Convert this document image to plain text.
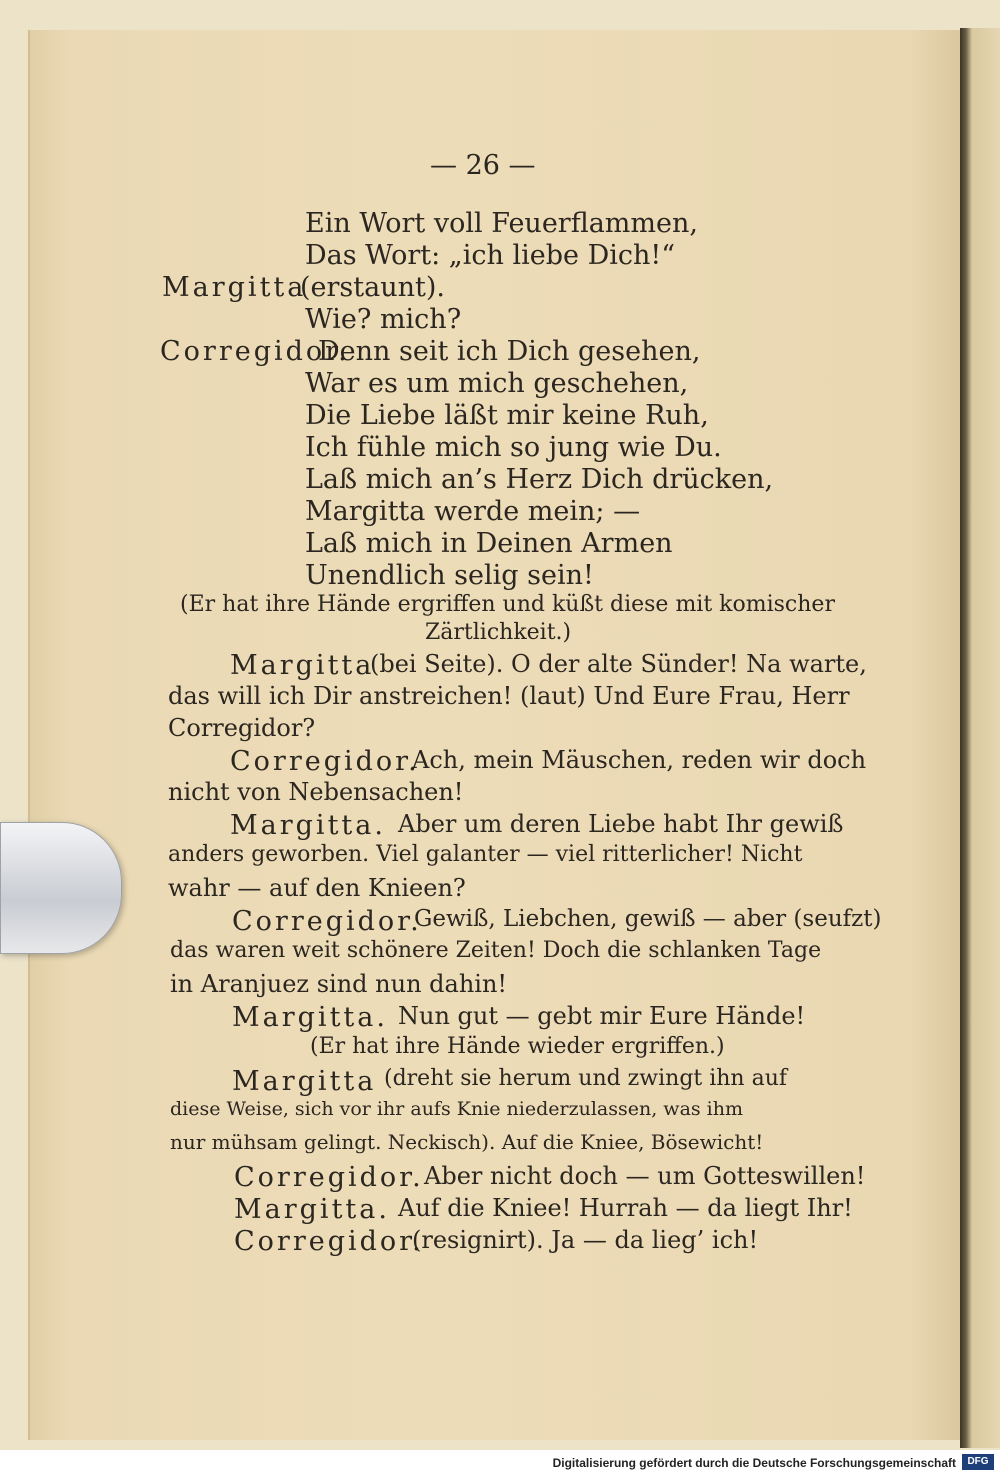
— 26 —
Ein Wort voll Feuerflammen,
Das Wort: „ich liebe Dich!“
Margitta
(erstaunt).
Wie? mich?
Corregidor.
Denn seit ich Dich gesehen,
War es um mich geschehen,
Die Liebe läßt mir keine Ruh,
Ich fühle mich so jung wie Du.
Laß mich an’s Herz Dich drücken,
Margitta werde mein; —
Laß mich in Deinen Armen
Unendlich selig sein!
(Er hat ihre Hände ergriffen und küßt diese mit komischer
Zärtlichkeit.)
Margitta
(bei Seite). O der alte Sünder! Na warte,
das will ich Dir anstreichen! (laut) Und Eure Frau, Herr
Corregidor?
Corregidor.
Ach, mein Mäuschen, reden wir doch
nicht von Nebensachen!
Margitta. Aber um deren Liebe habt Ihr gewiß
anders geworben. Viel galanter — viel ritterlicher! Nicht
wahr — auf den Knieen?
Corregidor.
Gewiß, Liebchen, gewiß — aber (seufzt)
das waren weit schönere Zeiten! Doch die schlanken Tage
in Aranjuez sind nun dahin!
Margitta. Nun gut — gebt mir Eure Hände!
(Er hat ihre Hände wieder ergriffen.)
Margitta (dreht sie herum und zwingt ihn auf
diese Weise, sich vor ihr aufs Knie niederzulassen, was ihm
nur mühsam gelingt. Neckisch). Auf die Kniee, Bösewicht!
Corregidor. Aber nicht doch — um Gotteswillen!
Margitta. Auf die Kniee! Hurrah — da liegt Ihr!
Corregidor.
(resignirt). Ja — da lieg’ ich!
Digitalisierung gefördert durch die Deutsche Forschungsgemeinschaft	DFG
